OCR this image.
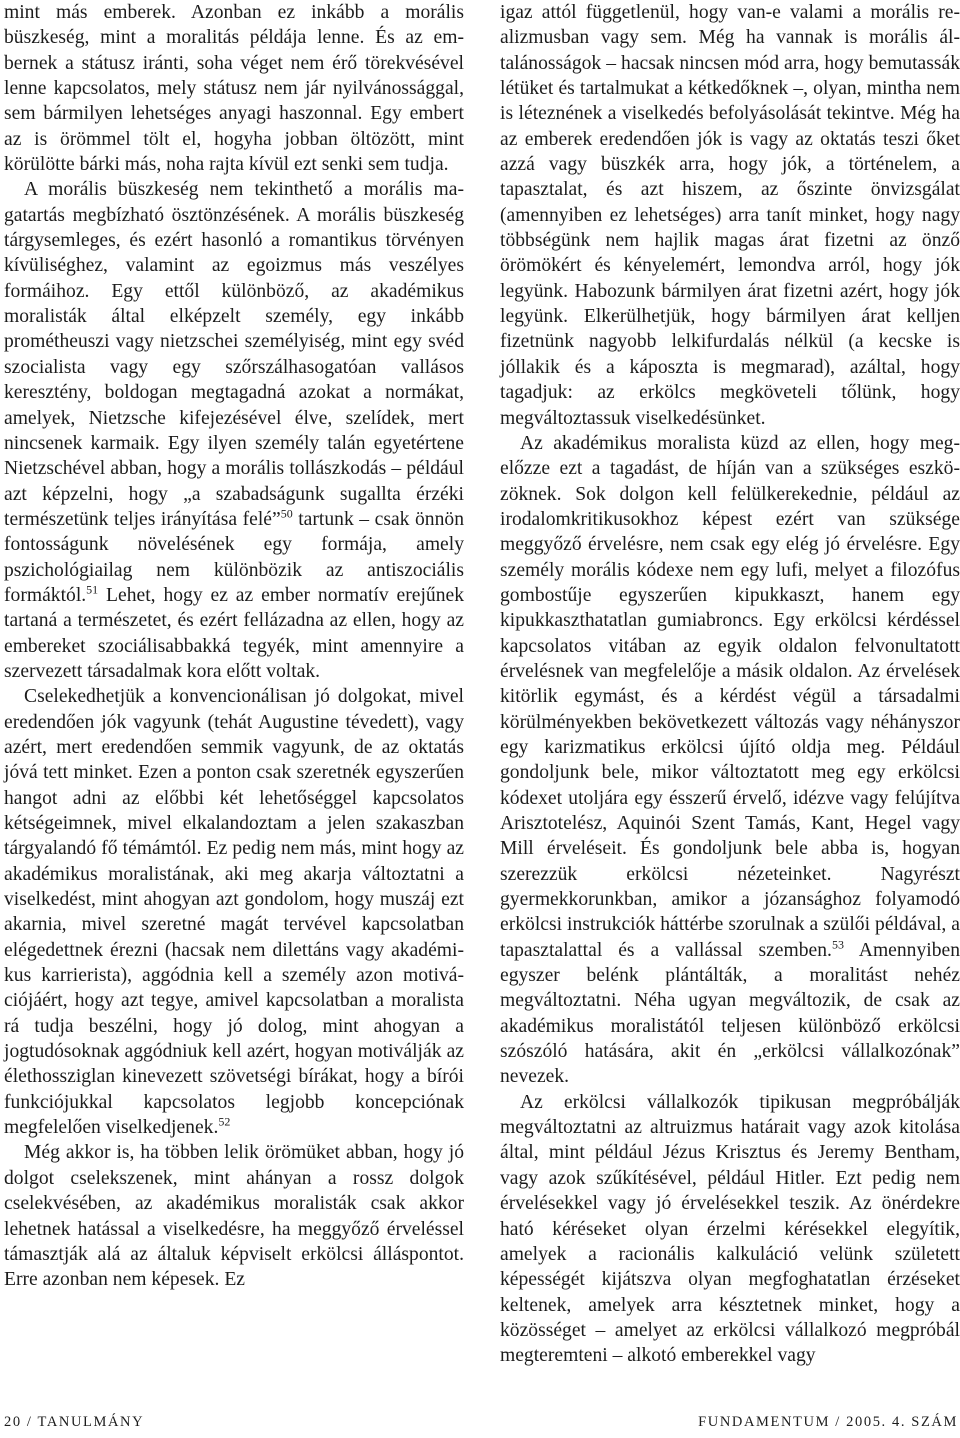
mint más emberek. Azonban ez inkább a morális büszkeség, mint a moralitás példája lenne. És az embernek a státusz iránti, soha véget nem érő törekvésével lenne kapcsolatos, mely státusz nem jár nyilvánossággal, sem bármilyen lehetséges anyagi haszonnal. Egy embert az is örömmel tölt el, hogyha jobban öltözött, mint körülötte bárki más, noha rajta kívül ezt senki sem tudja.

A morális büszkeség nem tekinthető a morális magatartás megbízható ösztönzésének. A morális büszkeség tárgysemleges, és ezért hasonló a romantikus törvényen kívüliséghez, valamint az egoizmus más veszélyes formáihoz. Egy ettől különböző, az akadémikus moralisták által elképzelt személy, egy inkább prométheuszi vagy nietzschei személyiség, mint egy svéd szocialista vagy egy szőrszálhasogatóan vallásos keresztény, boldogan megtagadná azokat a normákat, amelyek, Nietzsche kifejezésével élve, szelídek, mert nincsenek karmaik. Egy ilyen személy talán egyetértene Nietzschével abban, hogy a morális tollászkodás – például azt képzelni, hogy „a szabadságunk sugallta érzéki természetünk teljes irányítása felé”$^{50}$ tartunk – csak önnön fontosságunk növelésének egy formája, amely pszichológiailag nem különbözik az antiszociális formáktól.$^{51}$ Lehet, hogy ez az ember normatív erejűnek tartaná a természetet, és ezért fellázadna az ellen, hogy az embereket szociálisabbakká tegyék, mint amennyire a szervezett társadalmak kora előtt voltak.

Cselekedhetjük a konvencionálisan jó dolgokat, mivel eredendően jók vagyunk (tehát Augustine tévedett), vagy azért, mert eredendően semmik vagyunk, de az oktatás jóvá tett minket. Ezen a ponton csak szeretnék egyszerűen hangot adni az előbbi két lehetőséggel kapcsolatos kétségeimnek, mivel elkalandoztam a jelen szakaszban tárgyalandó fő témámtól. Ez pedig nem más, mint hogy az akadémikus moralistának, aki meg akarja változtatni a viselkedést, mint ahogyan azt gondolom, hogy muszáj ezt akarnia, mivel szeretné magát tervével kapcsolatban elégedettnek érezni (hacsak nem dilettáns vagy akadémikus karrierista), aggódnia kell a személy azon motivációjáért, hogy azt tegye, amivel kapcsolatban a moralista rá tudja beszélni, hogy jó dolog, mint ahogyan a jogtudósoknak aggódniuk kell azért, hogyan motiválják az élethossziglan kinevezett szövetségi bírákat, hogy a bírói funkciójukkal kapcsolatos legjobb koncepciónak megfelelően viselkedjenek.$^{52}$

Még akkor is, ha többen lelik örömüket abban, hogy jó dolgot cselekszenek, mint ahányan a rossz dolgok cselekvésében, az akadémikus moralisták csak akkor lehetnek hatással a viselkedésre, ha meggyőző érveléssel támasztják alá az általuk képviselt erkölcsi álláspontot. Erre azonban nem képesek. Ez

igaz attól függetlenül, hogy van-e valami a morális realizmusban vagy sem. Még ha vannak is morális általánosságok – hacsak nincsen mód arra, hogy bemutassák létüket és tartalmukat a kétkedőknek –, olyan, mintha nem is léteznének a viselkedés befolyásolását tekintve. Még ha az emberek eredendően jók is vagy az oktatás teszi őket azzá vagy büszkék arra, hogy jók, a történelem, a tapasztalat, és azt hiszem, az őszinte önvizsgálat (amennyiben ez lehetséges) arra tanít minket, hogy nagy többségünk nem hajlik magas árat fizetni az önző örömökért és kényelemért, lemondva arról, hogy jók legyünk. Habozunk bármilyen árat fizetni azért, hogy jók legyünk. Elkerülhetjük, hogy bármilyen árat kelljen fizetnünk nagyobb lelkifurdalás nélkül (a kecske is jóllakik és a káposzta is megmarad), azáltal, hogy tagadjuk: az erkölcs megköveteli tőlünk, hogy megváltoztassuk viselkedésünket.

Az akadémikus moralista küzd az ellen, hogy megelőzze ezt a tagadást, de híján van a szükséges eszközöknek. Sok dolgon kell felülkerekednie, például az irodalomkritikusokhoz képest ezért van szüksége meggyőző érvelésre, nem csak egy elég jó érvelésre. Egy személy morális kódexe nem egy lufi, melyet a filozófus gombostűje egyszerűen kipukkaszt, hanem egy kipukkaszthatatlan gumiabroncs. Egy erkölcsi kérdéssel kapcsolatos vitában az egyik oldalon felvonultatott érvelésnek van megfelelője a másik oldalon. Az érvelések kitörlik egymást, és a kérdést végül a társadalmi körülményekben bekövetkezett változás vagy néhányszor egy karizmatikus erkölcsi újító oldja meg. Például gondoljunk bele, mikor változtatott meg egy erkölcsi kódexet utoljára egy ésszerű érvelő, idézve vagy felújítva Arisztotelész, Aquinói Szent Tamás, Kant, Hegel vagy Mill érveléseit. És gondoljunk bele abba is, hogyan szerezzük erkölcsi nézeteinket. Nagyrészt gyermekkorunkban, amikor a józansághoz folyamodó erkölcsi instrukciók háttérbe szorulnak a szülői példával, a tapasztalattal és a vallással szemben.$^{53}$ Amennyiben egyszer belénk plántálták, a moralitást nehéz megváltoztatni. Néha ugyan megváltozik, de csak az akadémikus moralistától teljesen különböző erkölcsi szószóló hatására, akit én „erkölcsi vállalkozónak” nevezek.

Az erkölcsi vállalkozók tipikusan megpróbálják megváltoztatni az altruizmus határait vagy azok kitolása által, mint például Jézus Krisztus és Jeremy Bentham, vagy azok szűkítésével, például Hitler. Ezt pedig nem érvelésekkel vagy jó érvelésekkel teszik. Az önérdekre ható kéréseket olyan érzelmi kérésekkel elegyítik, amelyek a racionális kalkuláció velünk született képességét kijátszva olyan megfoghatatlan érzéseket keltenek, amelyek arra késztetnek minket, hogy a közösséget – amelyet az erkölcsi vállalkozó megpróbál megteremteni – alkotó emberekkel vagy

20 / TANULMÁNY	FUNDAMENTUM / 2005. 4. SZÁM
